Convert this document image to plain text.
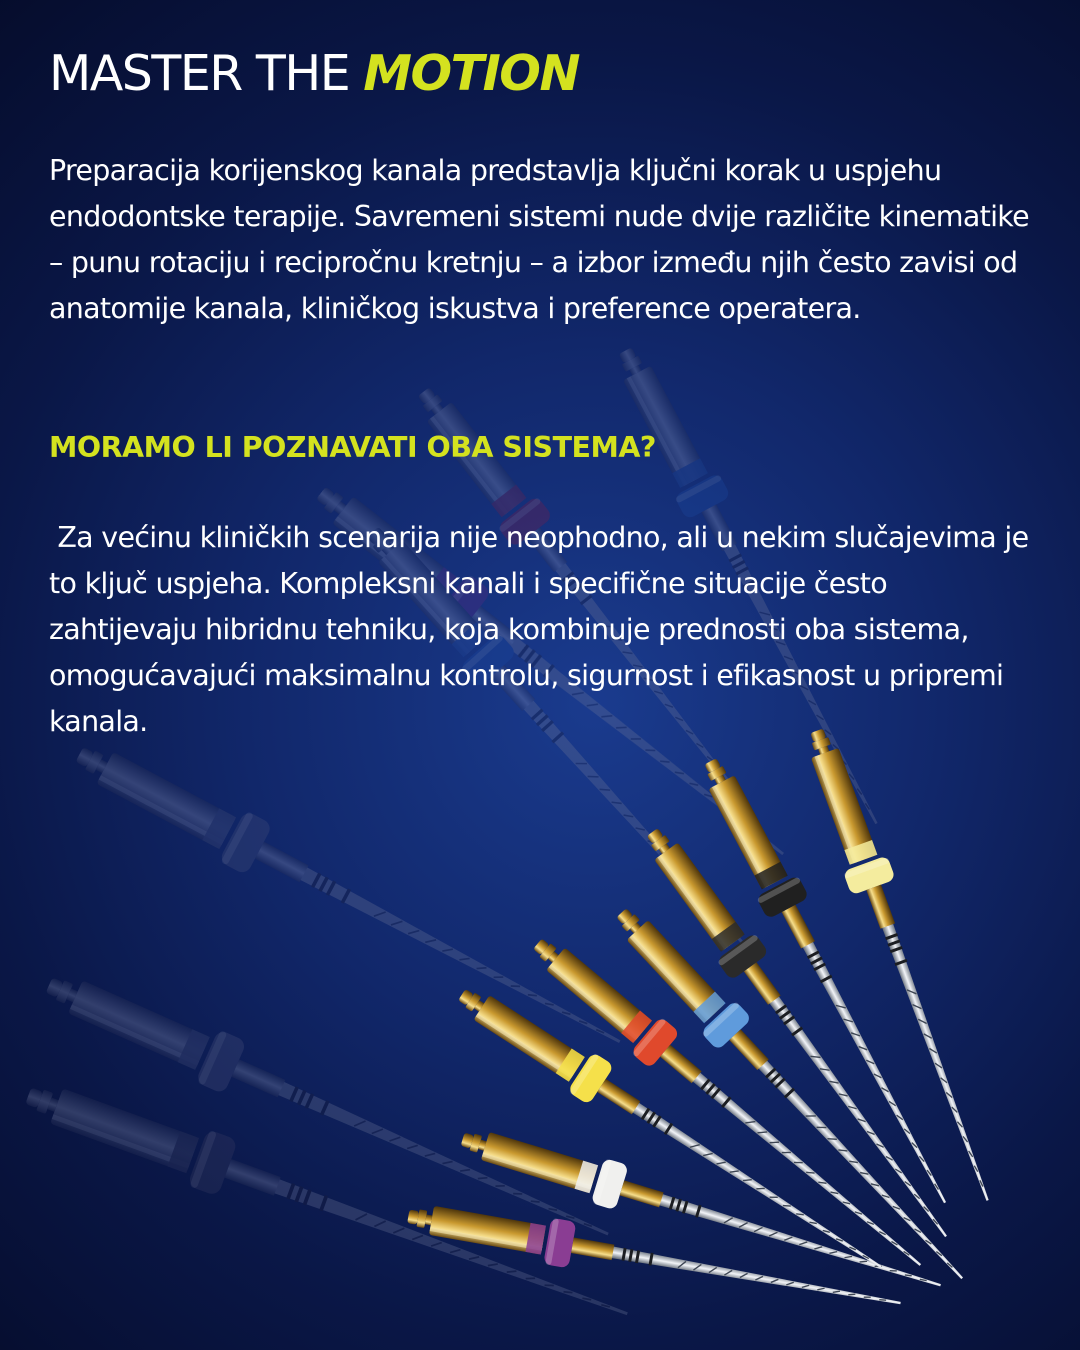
MASTER THE MOTION

Preparacija korijenskog kanala predstavlja ključni korak u uspjehu endodontske terapije. Savremeni sistemi nude dvije različite kinematike – punu rotaciju i recipročnu kretnju – a izbor između njih često zavisi od anatomije kanala, kliničkog iskustva i preference operatera.

MORAMO LI POZNAVATI OBA SISTEMA?

Za većinu kliničkih scenarija nije neophodno, ali u nekim slučajevima je to ključ uspjeha. Kompleksni kanali i specifične situacije često zahtijevaju hibridnu tehniku, koja kombinuje prednosti oba sistema, omogućavajući maksimalnu kontrolu, sigurnost i efikasnost u pripremi kanala.
